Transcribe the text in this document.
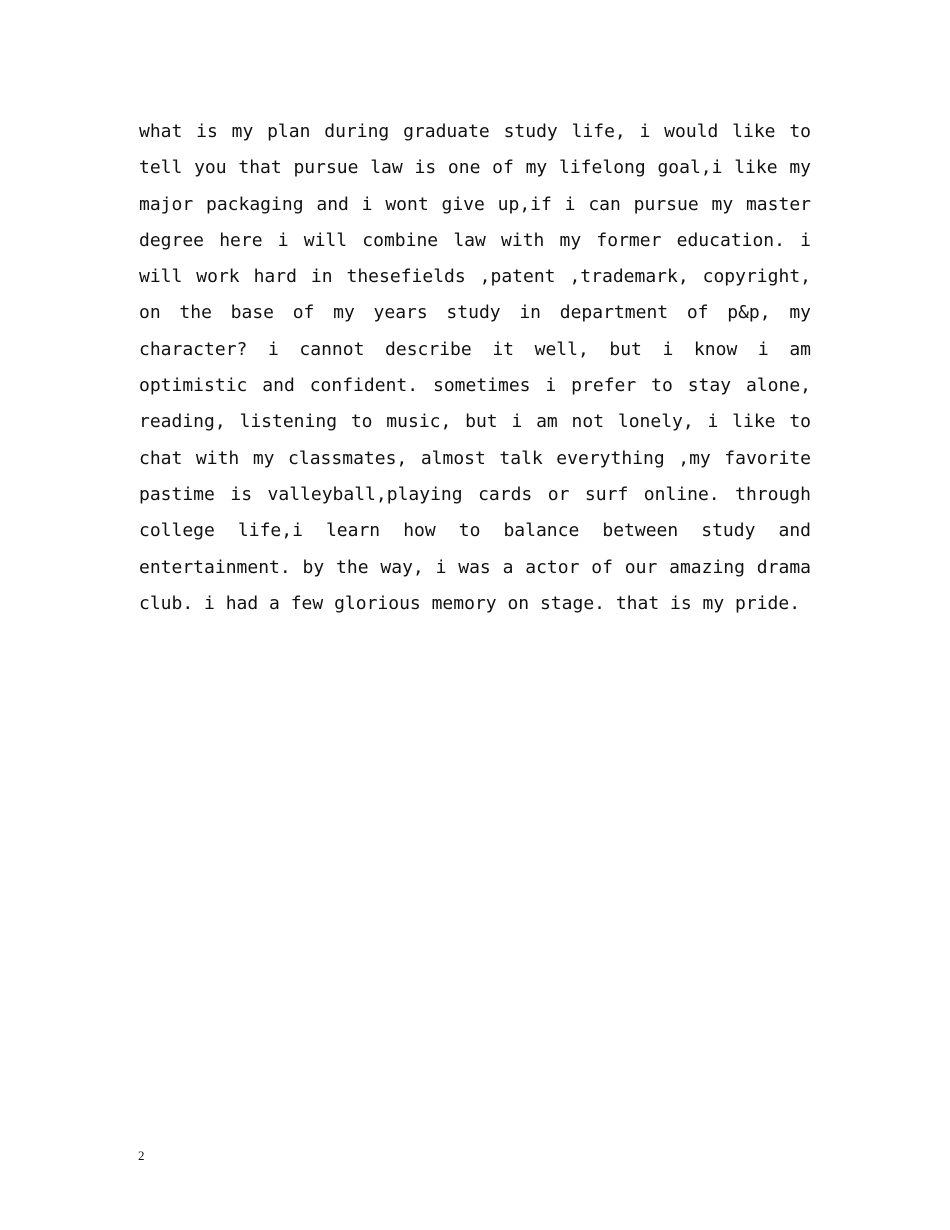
what is my plan during graduate study life, i would like to
tell you that pursue law is one of my lifelong goal,i like my
major packaging and i wont give up,if i can pursue my master
degree here i will combine law with my former education. i
will work hard in thesefields ,patent ,trademark, copyright,
on the base of my years study in department of p&p, my
character? i cannot describe it well, but i know i am
optimistic and confident. sometimes i prefer to stay alone,
reading, listening to music, but i am not lonely, i like to
chat with my classmates, almost talk everything ,my favorite
pastime is valleyball,playing cards or surf online. through
college life,i learn how to balance between study and
entertainment. by the way, i was a actor of our amazing drama
club. i had a few glorious memory on stage. that is my pride.
2
